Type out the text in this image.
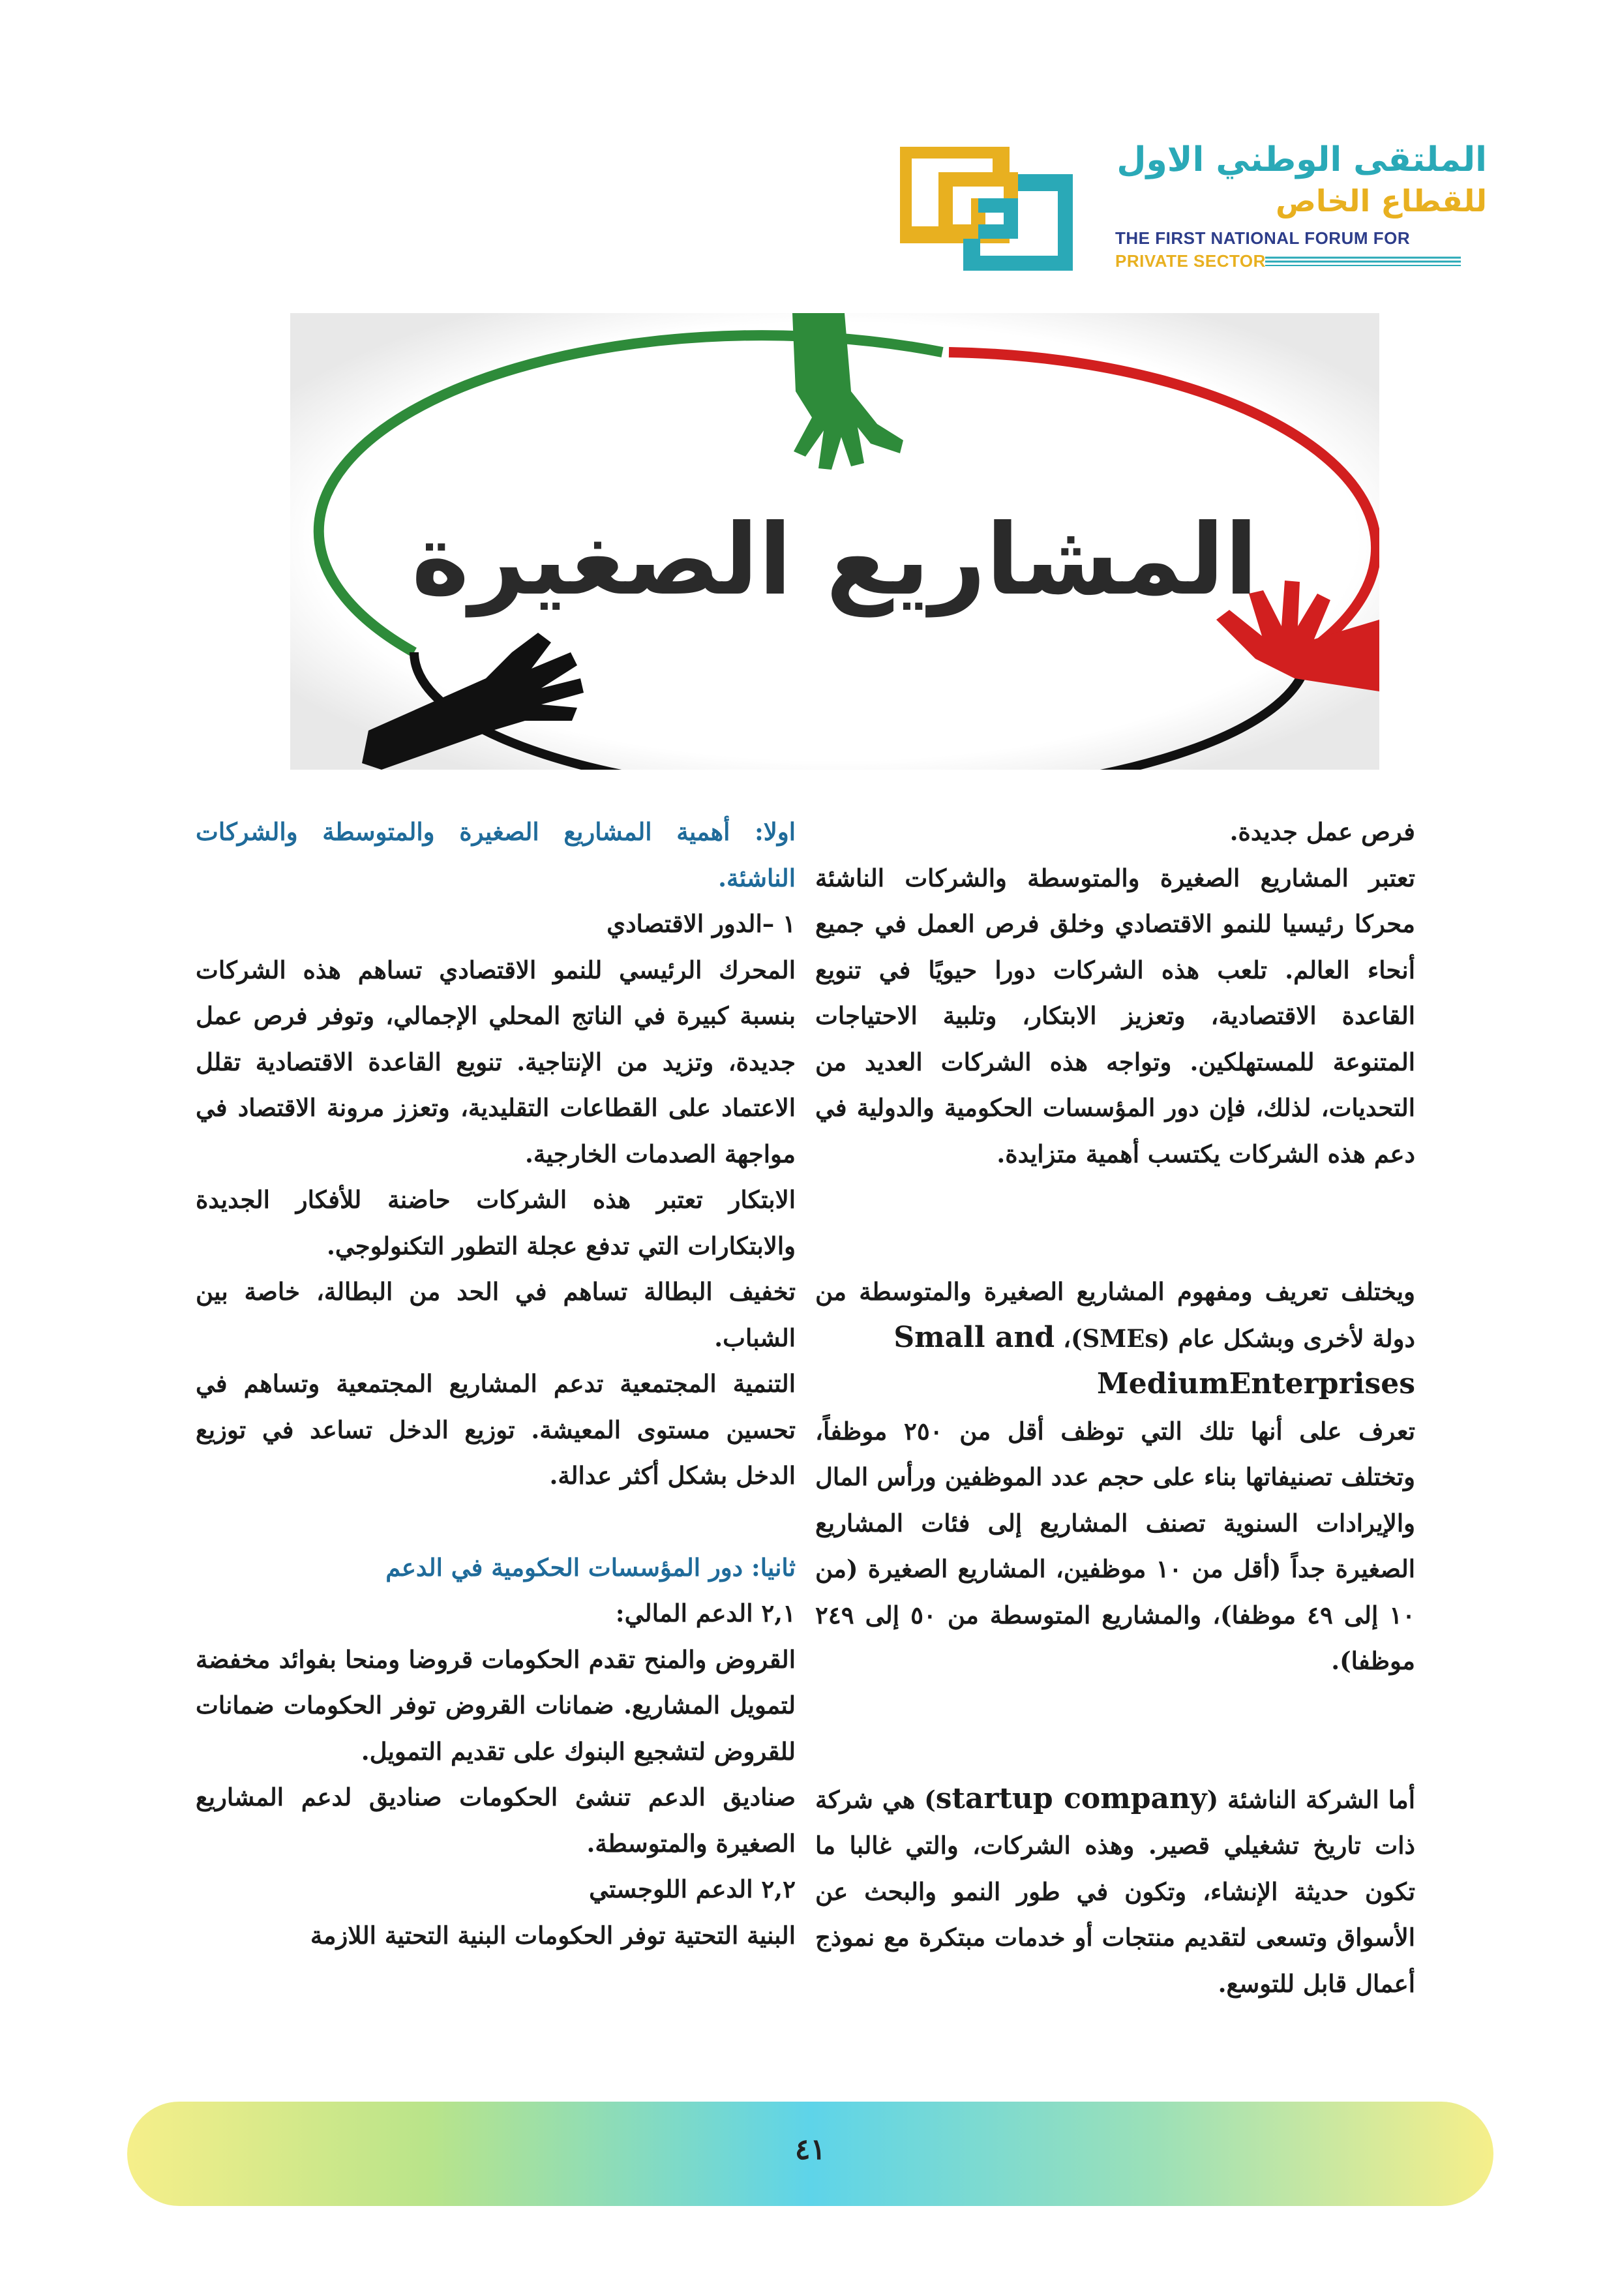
الملتقى الوطني الاول
للقطاع الخاص
THE FIRST NATIONAL FORUM FOR
PRIVATE SECTOR
المشاريع الصغيرة

فرص عمل جديدة.

تعتبر المشاريع الصغيرة والمتوسطة والشركات الناشئة محركا رئيسيا للنمو الاقتصادي وخلق فرص العمل في جميع أنحاء العالم. تلعب هذه الشركات دورا حيويًا في تنويع القاعدة الاقتصادية، وتعزيز الابتكار، وتلبية الاحتياجات المتنوعة للمستهلكين. وتواجه هذه الشركات العديد من التحديات، لذلك، فإن دور المؤسسات الحكومية والدولية في دعم هذه الشركات يكتسب أهمية متزايدة.

ويختلف تعريف ومفهوم المشاريع الصغيرة والمتوسطة من دولة لأخرى وبشكل عام (SMEs)، Small and
MediumEnterprises

تعرف على أنها تلك التي توظف أقل من ٢٥٠ موظفاً، وتختلف تصنيفاتها بناء على حجم عدد الموظفين ورأس المال والإيرادات السنوية تصنف المشاريع إلى فئات المشاريع الصغيرة جداً (أقل من ١٠ موظفين، المشاريع الصغيرة (من ١٠ إلى ٤٩ موظفا)، والمشاريع المتوسطة من ٥٠ إلى ٢٤٩ موظفا).

أما الشركة الناشئة (startup company) هي شركة ذات تاريخ تشغيلي قصير. وهذه الشركات، والتي غالبا ما تكون حديثة الإنشاء، وتكون في طور النمو والبحث عن الأسواق وتسعى لتقديم منتجات أو خدمات مبتكرة مع نموذج أعمال قابل للتوسع.

اولا: أهمية المشاريع الصغيرة والمتوسطة والشركات الناشئة.

١ –الدور الاقتصادي

المحرك الرئيسي للنمو الاقتصادي تساهم هذه الشركات بنسبة كبيرة في الناتج المحلي الإجمالي، وتوفر فرص عمل جديدة، وتزيد من الإنتاجية. تنويع القاعدة الاقتصادية تقلل الاعتماد على القطاعات التقليدية، وتعزز مرونة الاقتصاد في مواجهة الصدمات الخارجية.

الابتكار تعتبر هذه الشركات حاضنة للأفكار الجديدة والابتكارات التي تدفع عجلة التطور التكنولوجي.

تخفيف البطالة تساهم في الحد من البطالة، خاصة بين الشباب.

التنمية المجتمعية تدعم المشاريع المجتمعية وتساهم في تحسين مستوى المعيشة. توزيع الدخل تساعد في توزيع الدخل بشكل أكثر عدالة.

ثانيا: دور المؤسسات الحكومية في الدعم

٢,١ الدعم المالي:

القروض والمنح تقدم الحكومات قروضا ومنحا بفوائد مخفضة لتمويل المشاريع. ضمانات القروض توفر الحكومات ضمانات للقروض لتشجيع البنوك على تقديم التمويل.

صناديق الدعم تنشئ الحكومات صناديق لدعم المشاريع الصغيرة والمتوسطة.

٢,٢ الدعم اللوجستي

البنية التحتية توفر الحكومات البنية التحتية اللازمة

٤١
